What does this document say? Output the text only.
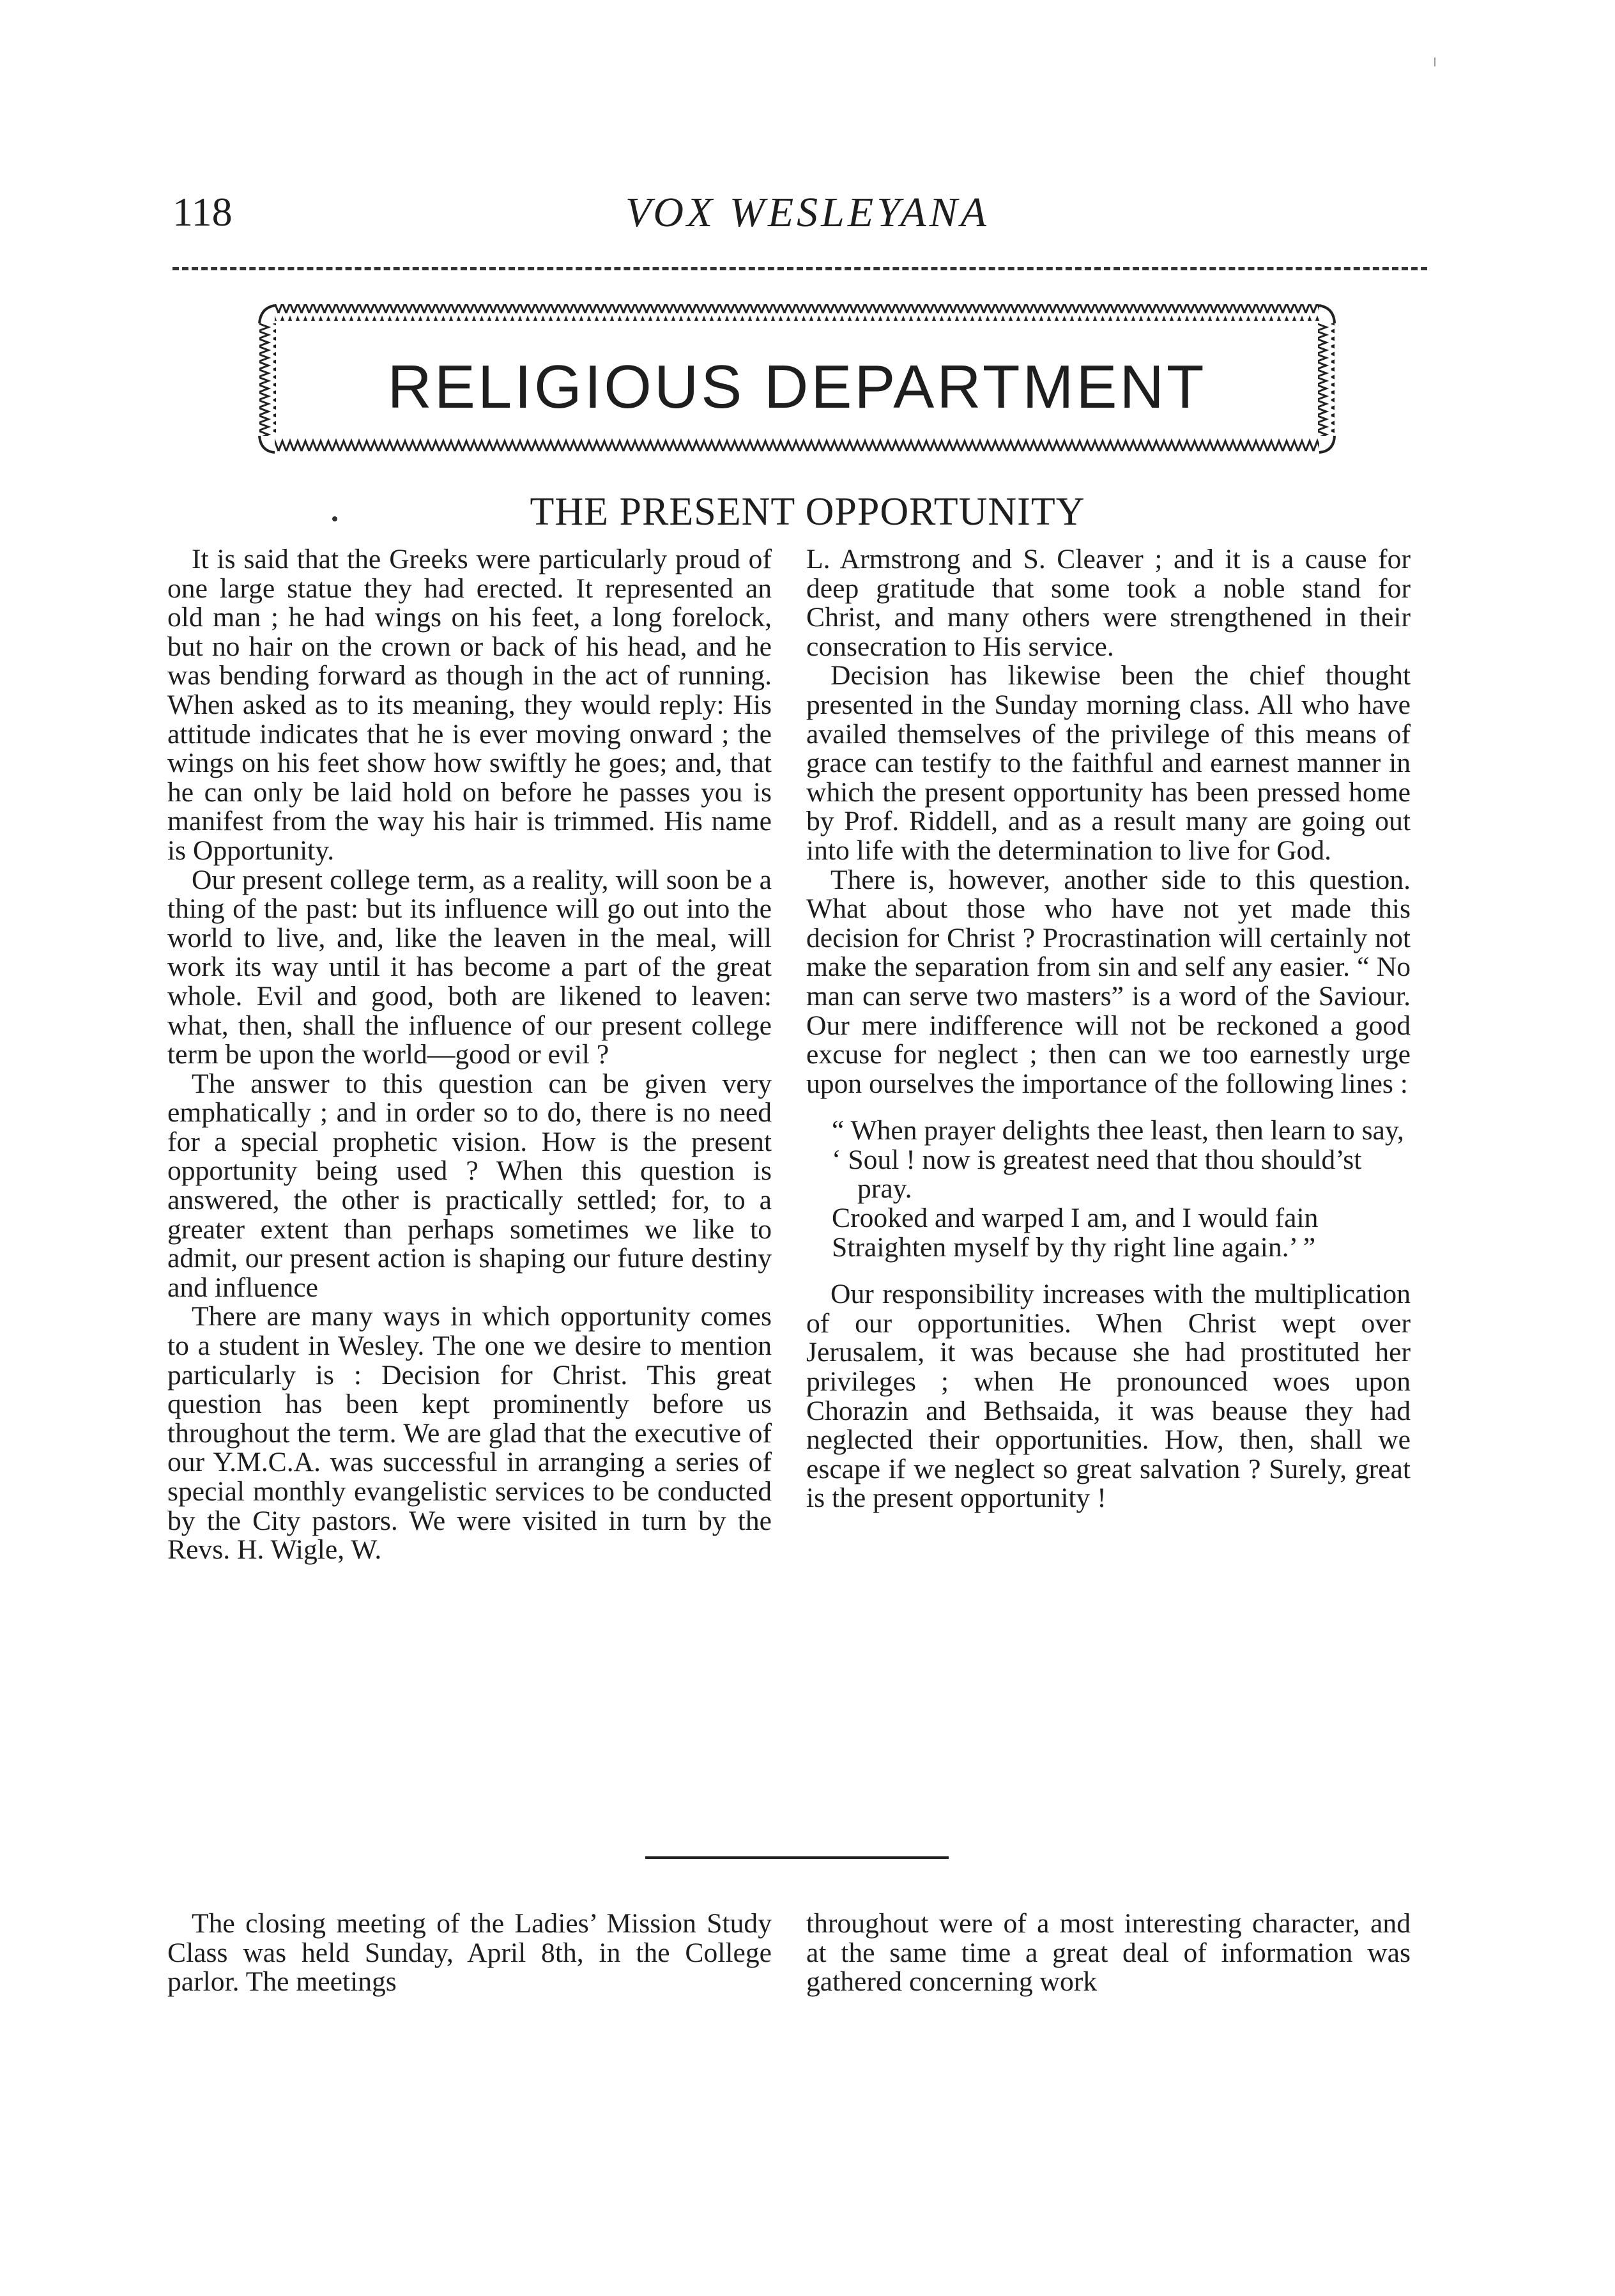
118	VOX WESLEYANA
RELIGIOUS DEPARTMENT
THE PRESENT OPPORTUNITY

It is said that the Greeks were particularly proud of one large statue they had erected. It represented an old man ; he had wings on his feet, a long forelock, but no hair on the crown or back of his head, and he was bending forward as though in the act of running. When asked as to its meaning, they would reply: His attitude indicates that he is ever moving onward ; the wings on his feet show how swiftly he goes; and, that he can only be laid hold on before he passes you is manifest from the way his hair is trimmed. His name is Opportunity.

Our present college term, as a reality, will soon be a thing of the past: but its influence will go out into the world to live, and, like the leaven in the meal, will work its way until it has become a part of the great whole. Evil and good, both are likened to leaven: what, then, shall the influence of our present college term be upon the world—good or evil ?

The answer to this question can be given very emphatically ; and in order so to do, there is no need for a special prophetic vision. How is the present opportunity being used ? When this question is answered, the other is practically settled; for, to a greater extent than perhaps sometimes we like to admit, our present action is shaping our future destiny and influence

There are many ways in which opportunity comes to a student in Wesley. The one we desire to mention particularly is : Decision for Christ. This great question has been kept prominently before us throughout the term. We are glad that the executive of our Y.M.C.A. was successful in arranging a series of special monthly evangelistic services to be conducted by the City pastors. We were visited in turn by the Revs. H. Wigle, W.

L. Armstrong and S. Cleaver ; and it is a cause for deep gratitude that some took a noble stand for Christ, and many others were strengthened in their consecration to His service.

Decision has likewise been the chief thought presented in the Sunday morning class. All who have availed themselves of the privilege of this means of grace can testify to the faithful and earnest manner in which the present opportunity has been pressed home by Prof. Riddell, and as a result many are going out into life with the determination to live for God.

There is, however, another side to this question. What about those who have not yet made this decision for Christ ? Procrastination will certainly not make the separation from sin and self any easier. “ No man can serve two masters” is a word of the Saviour. Our mere indifference will not be reckoned a good excuse for neglect ; then can we too earnestly urge upon ourselves the importance of the following lines :

“ When prayer delights thee least, then learn to say,
‘ Soul ! now is greatest need that thou should’st pray.
Crooked and warped I am, and I would fain
Straighten myself by thy right line again.’ ”

Our responsibility increases with the multiplication of our opportunities. When Christ wept over Jerusalem, it was because she had prostituted her privileges ; when He pronounced woes upon Chorazin and Bethsaida, it was beause they had neglected their opportunities. How, then, shall we escape if we neglect so great salvation ? Surely, great is the present opportunity !

The closing meeting of the Ladies’ Mission Study Class was held Sunday, April 8th, in the College parlor. The meetings

throughout were of a most interesting character, and at the same time a great deal of information was gathered concerning work
